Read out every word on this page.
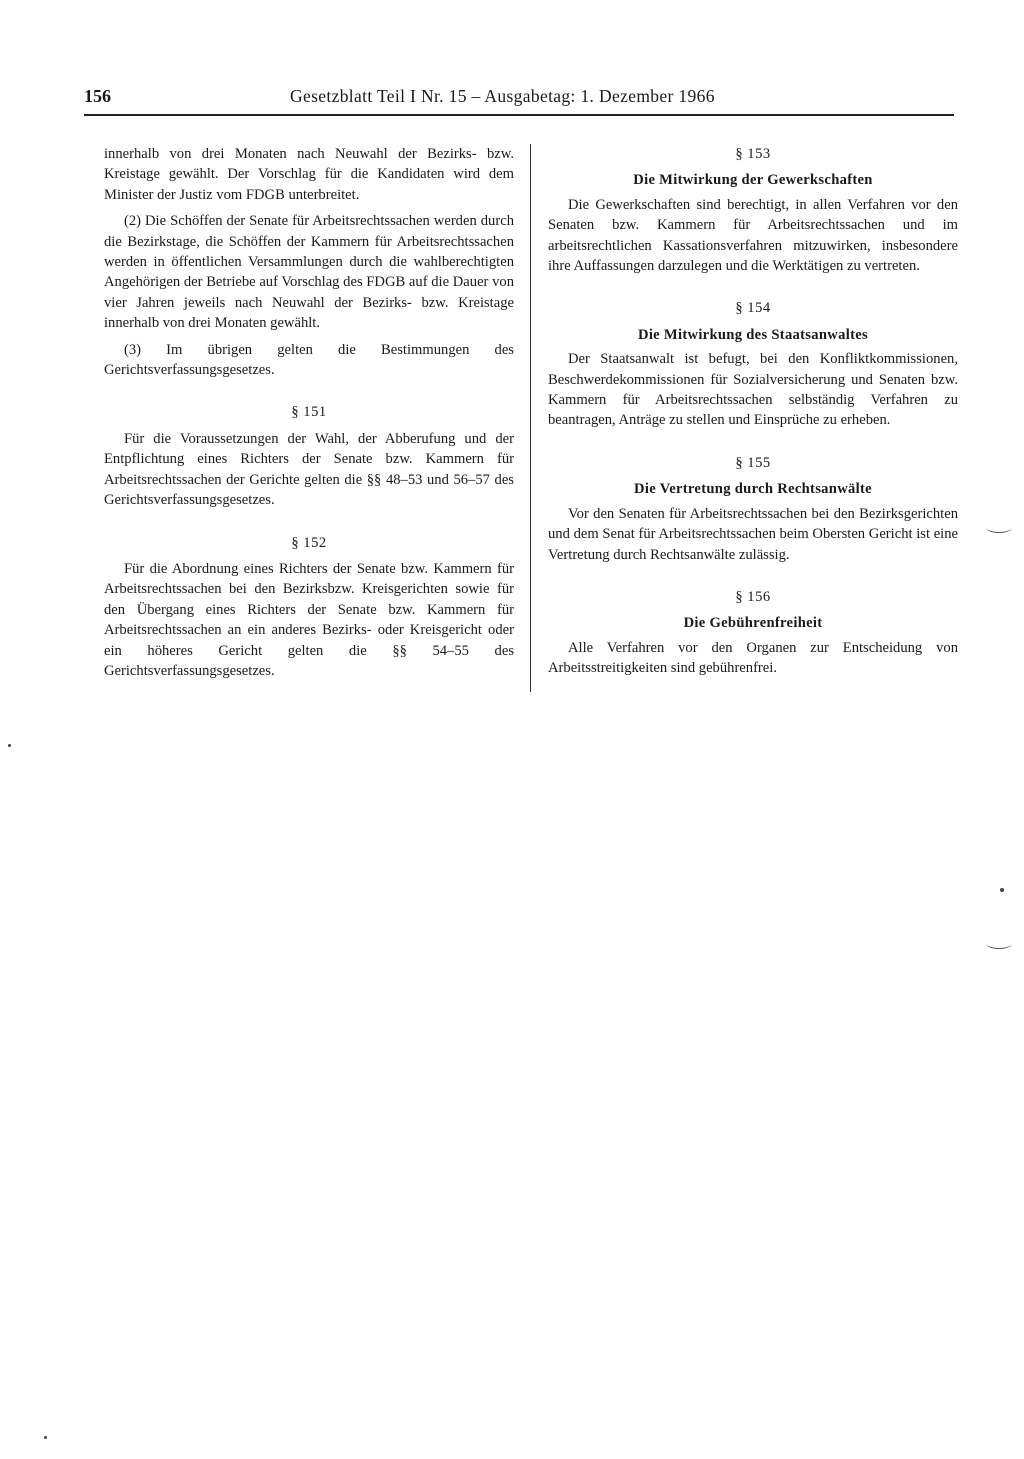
156	Gesetzblatt Teil I Nr. 15 – Ausgabetag: 1. Dezember 1966

innerhalb von drei Monaten nach Neuwahl der Bezirks- bzw. Kreistage gewählt. Der Vorschlag für die Kandidaten wird dem Minister der Justiz vom FDGB unterbreitet.

(2) Die Schöffen der Senate für Arbeitsrechtssachen werden durch die Bezirkstage, die Schöffen der Kammern für Arbeitsrechtssachen werden in öffentlichen Versammlungen durch die wahlberechtigten Angehörigen der Betriebe auf Vorschlag des FDGB auf die Dauer von vier Jahren jeweils nach Neuwahl der Bezirks- bzw. Kreistage innerhalb von drei Monaten gewählt.

(3) Im übrigen gelten die Bestimmungen des Gerichtsverfassungsgesetzes.

§ 151

Für die Voraussetzungen der Wahl, der Abberufung und der Entpflichtung eines Richters der Senate bzw. Kammern für Arbeitsrechtssachen der Gerichte gelten die §§ 48–53 und 56–57 des Gerichtsverfassungsgesetzes.

§ 152

Für die Abordnung eines Richters der Senate bzw. Kammern für Arbeitsrechtssachen bei den Bezirksbzw. Kreisgerichten sowie für den Übergang eines Richters der Senate bzw. Kammern für Arbeitsrechtssachen an ein anderes Bezirks- oder Kreisgericht oder ein höheres Gericht gelten die §§ 54–55 des Gerichtsverfassungsgesetzes.

§ 153
Die Mitwirkung der Gewerkschaften

Die Gewerkschaften sind berechtigt, in allen Verfahren vor den Senaten bzw. Kammern für Arbeitsrechtssachen und im arbeitsrechtlichen Kassationsverfahren mitzuwirken, insbesondere ihre Auffassungen darzulegen und die Werktätigen zu vertreten.

§ 154
Die Mitwirkung des Staatsanwaltes

Der Staatsanwalt ist befugt, bei den Konfliktkommissionen, Beschwerdekommissionen für Sozialversicherung und Senaten bzw. Kammern für Arbeitsrechtssachen selbständig Verfahren zu beantragen, Anträge zu stellen und Einsprüche zu erheben.

§ 155
Die Vertretung durch Rechtsanwälte

Vor den Senaten für Arbeitsrechtssachen bei den Bezirksgerichten und dem Senat für Arbeitsrechtssachen beim Obersten Gericht ist eine Vertretung durch Rechtsanwälte zulässig.

§ 156
Die Gebührenfreiheit

Alle Verfahren vor den Organen zur Entscheidung von Arbeitsstreitigkeiten sind gebührenfrei.
